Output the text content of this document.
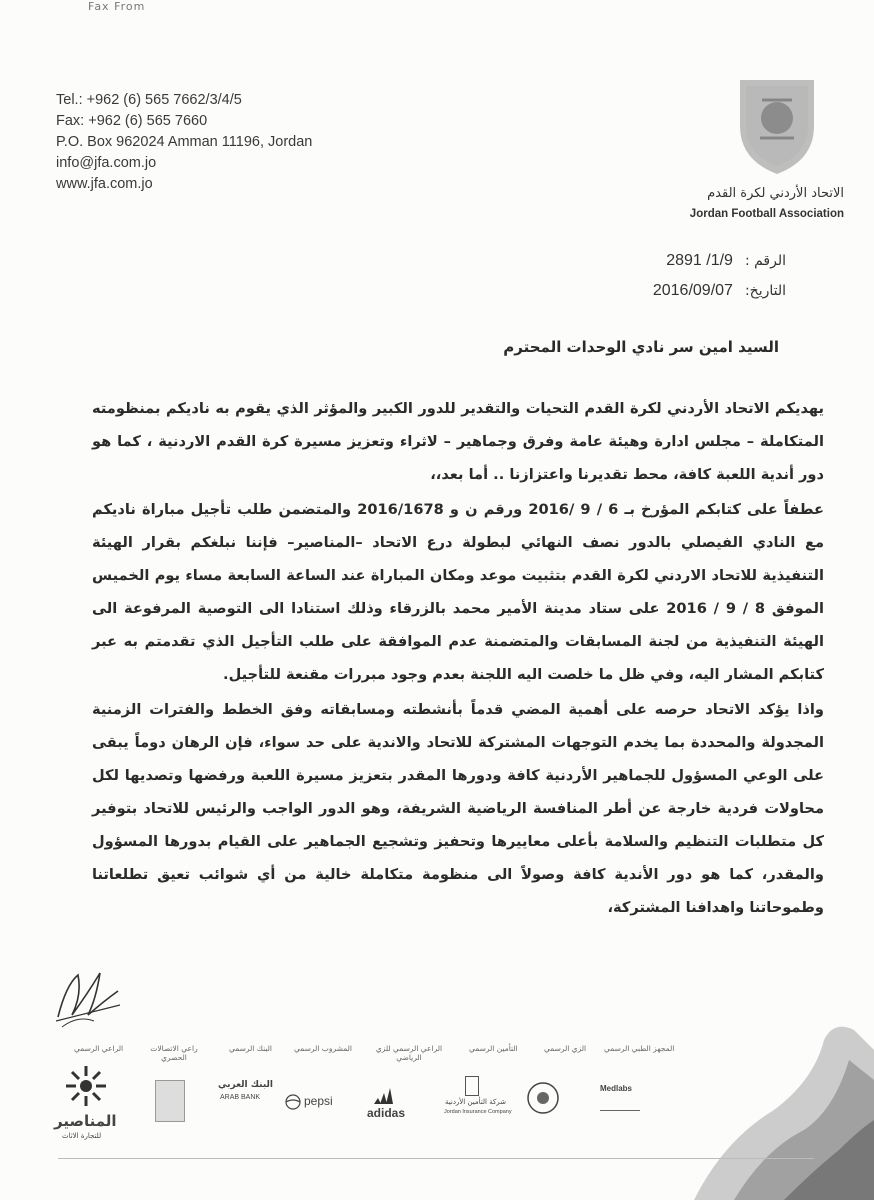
Fax From
Tel.: +962 (6) 565 7662/3/4/5
Fax: +962 (6) 565 7660
P.O. Box 962024 Amman 11196, Jordan
info@jfa.com.jo
www.jfa.com.jo
الاتحاد الأردني لكرة القدم
Jordan Football Association
الرقم :
2891 /1/9
التاريخ:
2016/09/07
السيد امين سر نادي الوحدات المحترم

يهديكم الاتحاد الأردني لكرة القدم التحيات والتقدير للدور الكبير والمؤثر الذي يقوم به ناديكم بمنظومته المتكاملة – مجلس ادارة وهيئة عامة وفرق وجماهير – لاثراء وتعزيز مسيرة كرة القدم الاردنية ، كما هو دور أندية اللعبة كافة، محط تقديرنا واعتزازنا .. أما بعد،،

عطفاً على كتابكم المؤرخ بـ 6 / 9 /2016 ورقم ن و 2016/1678 والمتضمن طلب تأجيل مباراة ناديكم مع النادي الفيصلي بالدور نصف النهائي لبطولة درع الاتحاد –المناصير– فإننا نبلغكم بقرار الهيئة التنفيذية للاتحاد الاردني لكرة القدم بتثبيت موعد ومكان المباراة عند الساعة السابعة مساء يوم الخميس الموفق 8 / 9 / 2016 على ستاد مدينة الأمير محمد بالزرقاء وذلك استنادا الى التوصية المرفوعة الى الهيئة التنفيذية من لجنة المسابقات والمتضمنة عدم الموافقة على طلب التأجيل الذي تقدمتم به عبر كتابكم المشار اليه، وفي ظل ما خلصت اليه اللجنة بعدم وجود مبررات مقنعة للتأجيل.

واذا يؤكد الاتحاد حرصه على أهمية المضي قدماً بأنشطته ومسابقاته وفق الخطط والفترات الزمنية المجدولة والمحددة بما يخدم التوجهات المشتركة للاتحاد والاندية على حد سواء، فإن الرهان دوماً يبقى على الوعي المسؤول للجماهير الأردنية كافة ودورها المقدر بتعزيز مسيرة اللعبة ورفضها وتصديها لكل محاولات فردية خارجة عن أطر المنافسة الرياضية الشريفة، وهو الدور الواجب والرئيس للاتحاد بتوفير كل متطلبات التنظيم والسلامة بأعلى معاييرها وتحفيز وتشجيع الجماهير على القيام بدورها المسؤول والمقدر، كما هو دور الأندية كافة وصولاً الى منظومة متكاملة خالية من أي شوائب تعيق تطلعاتنا وطموحاتنا واهدافنا المشتركة،

المجهز الطبي الرسمي
الزي الرسمي
التأمين الرسمي
الراعي الرسمي للزي الرياضي
المشروب الرسمي
البنك الرسمي
راعي الاتصالات الحصري
الراعي الرسمي
المناصير
للتجارة الاثاث
البنك العربي
ARAB BANK	pepsi
adidas
شركة التأمين الأردنية
Jordan Insurance Company
Medlabs
